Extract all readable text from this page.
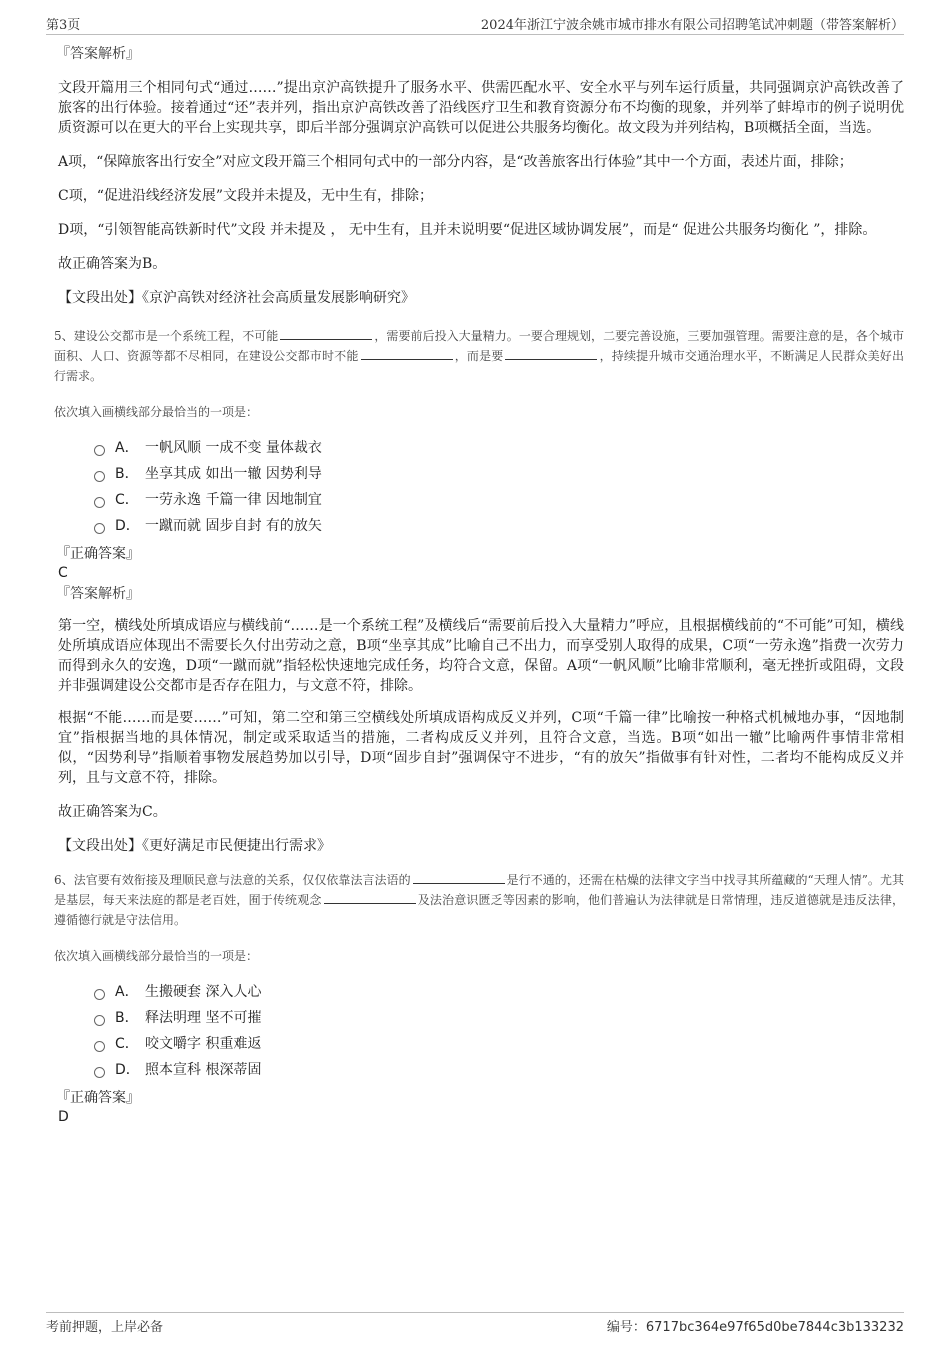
第3页	2024年浙江宁波余姚市城市排水有限公司招聘笔试冲刺题（带答案解析）

『答案解析』

文段开篇用三个相同句式“通过……”提出京沪高铁提升了服务水平、供需匹配水平、安全水平与列车运行质量，共同强调京沪高铁改善了旅客的出行体验。接着通过“还”表并列，指出京沪高铁改善了沿线医疗卫生和教育资源分布不均衡的现象，并列举了蚌埠市的例子说明优质资源可以在更大的平台上实现共享，即后半部分强调京沪高铁可以促进公共服务均衡化。故文段为并列结构，B项概括全面，当选。

A项，“保障旅客出行安全”对应文段开篇三个相同句式中的一部分内容，是“改善旅客出行体验”其中一个方面，表述片面，排除；

C项，“促进沿线经济发展”文段并未提及，无中生有，排除；

D项，“引领智能高铁新时代”文段 并未提及 ， 无中生有，且并未说明要“促进区域协调发展”，而是“ 促进公共服务均衡化 ”，排除。

故正确答案为B。

【文段出处】《京沪高铁对经济社会高质量发展影响研究》

5、建设公交都市是一个系统工程，不可能	，需要前后投入大量精力。一要合理规划，二要完善设施，三要加强管理。需要注意的是，各个城市面积、人口、资源等都不尽相同，在建设公交都市时不能	，而是要	，持续提升城市交通治理水平，不断满足人民群众美好出行需求。

依次填入画横线部分最恰当的一项是：

A． 一帆风顺 一成不变 量体裁衣
B． 坐享其成 如出一辙 因势利导
C． 一劳永逸 千篇一律 因地制宜
D． 一蹴而就 固步自封 有的放矢

『正确答案』

C

『答案解析』

第一空，横线处所填成语应与横线前“……是一个系统工程”及横线后“需要前后投入大量精力”呼应，且根据横线前的“不可能”可知，横线处所填成语应体现出不需要长久付出劳动之意，B项“坐享其成”比喻自己不出力，而享受别人取得的成果，C项“一劳永逸”指费一次劳力而得到永久的安逸，D项“一蹴而就”指轻松快速地完成任务，均符合文意，保留。A项“一帆风顺”比喻非常顺利，毫无挫折或阻碍，文段并非强调建设公交都市是否存在阻力，与文意不符，排除。

根据“不能……而是要……”可知，第二空和第三空横线处所填成语构成反义并列，C项“千篇一律”比喻按一种格式机械地办事，“因地制宜”指根据当地的具体情况，制定或采取适当的措施，二者构成反义并列，且符合文意，当选。B项“如出一辙”比喻两件事情非常相似，“因势利导”指顺着事物发展趋势加以引导，D项“固步自封”强调保守不进步，“有的放矢”指做事有针对性，二者均不能构成反义并列，且与文意不符，排除。

故正确答案为C。

【文段出处】《更好满足市民便捷出行需求》

6、法官要有效衔接及理顺民意与法意的关系，仅仅依靠法言法语的	是行不通的，还需在枯燥的法律文字当中找寻其所蕴藏的“天理人情”。尤其是基层，每天来法庭的都是老百姓，囿于传统观念	及法治意识匮乏等因素的影响，他们普遍认为法律就是日常情理，违反道德就是违反法律，遵循德行就是守法信用。

依次填入画横线部分最恰当的一项是：

A． 生搬硬套 深入人心
B． 释法明理 坚不可摧
C． 咬文嚼字 积重难返
D． 照本宣科 根深蒂固

『正确答案』

D

考前押题，上岸必备	编号：6717bc364e97f65d0be7844c3b133232
